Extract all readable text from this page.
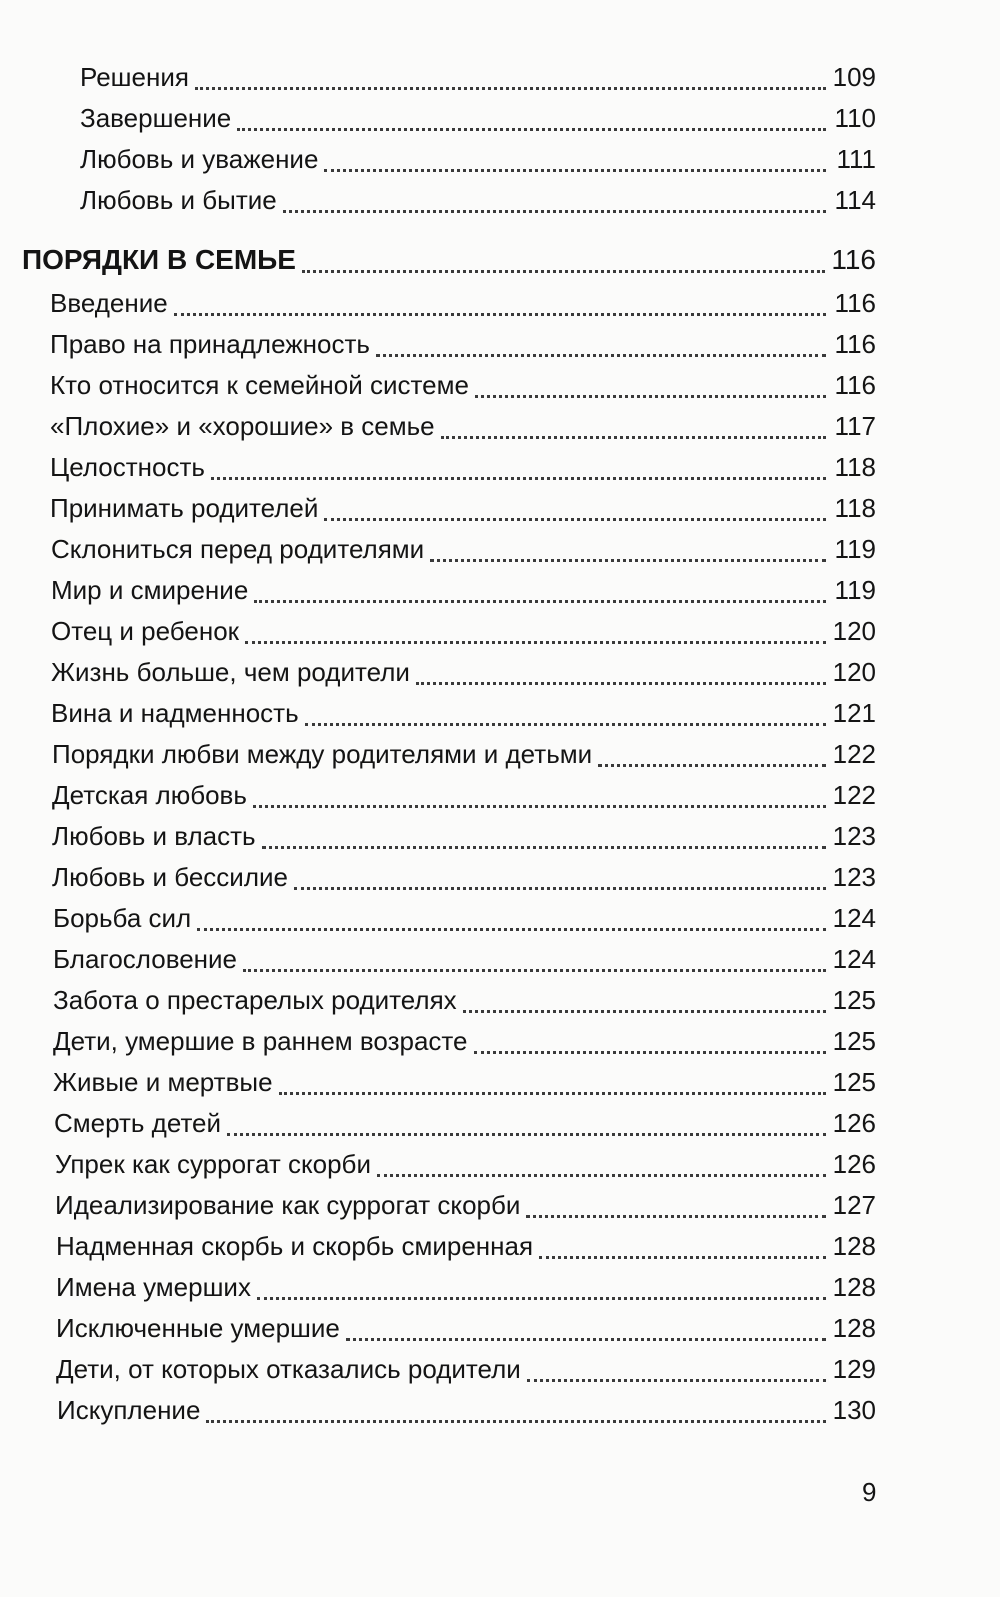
Решения	109
Завершение	110
Любовь и уважение	111
Любовь и бытие	114
ПОРЯДКИ В СЕМЬЕ	116
Введение	116
Право на принадлежность	116
Кто относится к семейной системе	116
«Плохие» и «хорошие» в семье	117
Целостность	118
Принимать родителей	118
Склониться перед родителями	119
Мир и смирение	119
Отец и ребенок	120
Жизнь больше, чем родители	120
Вина и надменность	121
Порядки любви между родителями и детьми	122
Детская любовь	122
Любовь и власть	123
Любовь и бессилие	123
Борьба сил	124
Благословение	124
Забота о престарелых родителях	125
Дети, умершие в раннем возрасте	125
Живые и мертвые	125
Смерть детей	126
Упрек как суррогат скорби	126
Идеализирование как суррогат скорби	127
Надменная скорбь и скорбь смиренная	128
Имена умерших	128
Исключенные умершие	128
Дети, от которых отказались родители	129
Искупление	130
9
